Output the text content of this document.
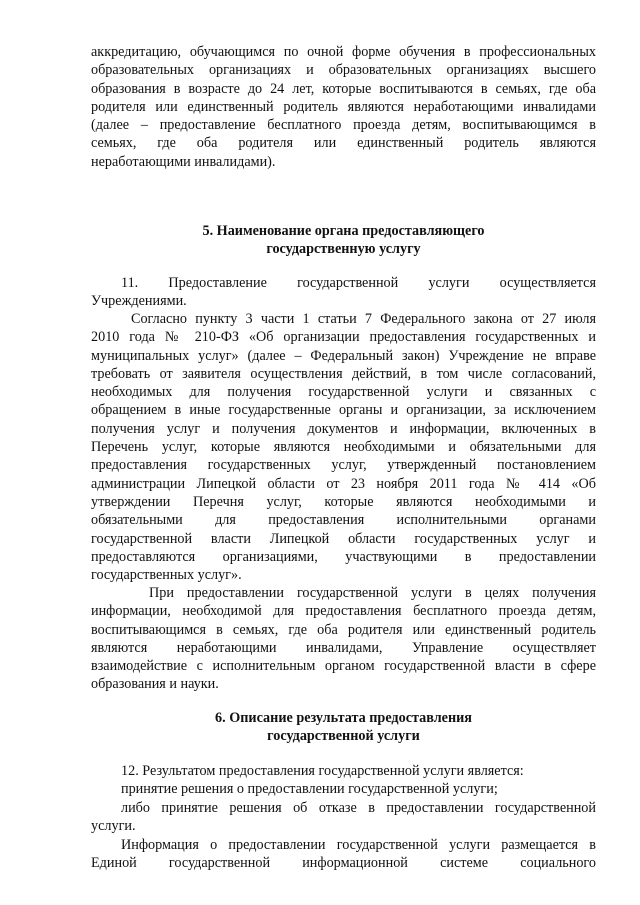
аккредитацию, обучающимся по очной форме обучения в профессиональных
образовательных организациях и образовательных организациях высшего
образования в возрасте до 24 лет, которые воспитываются в семьях, где оба
родителя или единственный родитель являются неработающими инвалидами
(далее – предоставление бесплатного проезда детям, воспитывающимся в
семьях, где оба родителя или единственный родитель являются
неработающими инвалидами).
5. Наименование органа предоставляющего
государственную услугу
11. Предоставление государственной услуги осуществляется
Учреждениями.
Согласно пункту 3 части 1 статьи 7 Федерального закона от 27 июля
2010 года № 210-ФЗ «Об организации предоставления государственных и
муниципальных услуг» (далее – Федеральный закон) Учреждение не вправе
требовать от заявителя осуществления действий, в том числе согласований,
необходимых для получения государственной услуги и связанных с
обращением в иные государственные органы и организации, за исключением
получения услуг и получения документов и информации, включенных в
Перечень услуг, которые являются необходимыми и обязательными для
предоставления государственных услуг, утвержденный постановлением
администрации Липецкой области от 23 ноября 2011 года № 414 «Об
утверждении Перечня услуг, которые являются необходимыми и
обязательными для предоставления исполнительными органами
государственной власти Липецкой области государственных услуг и
предоставляются организациями, участвующими в предоставлении
государственных услуг».
При предоставлении государственной услуги в целях получения
информации, необходимой для предоставления бесплатного проезда детям,
воспитывающимся в семьях, где оба родителя или единственный родитель
являются неработающими инвалидами, Управление осуществляет
взаимодействие с исполнительным органом государственной власти в сфере
образования и науки.
6. Описание результата предоставления
государственной услуги
12. Результатом предоставления государственной услуги является:
принятие решения о предоставлении государственной услуги;
либо принятие решения об отказе в предоставлении государственной
услуги.
Информация о предоставлении государственной услуги размещается в
Единой государственной информационной системе социального
